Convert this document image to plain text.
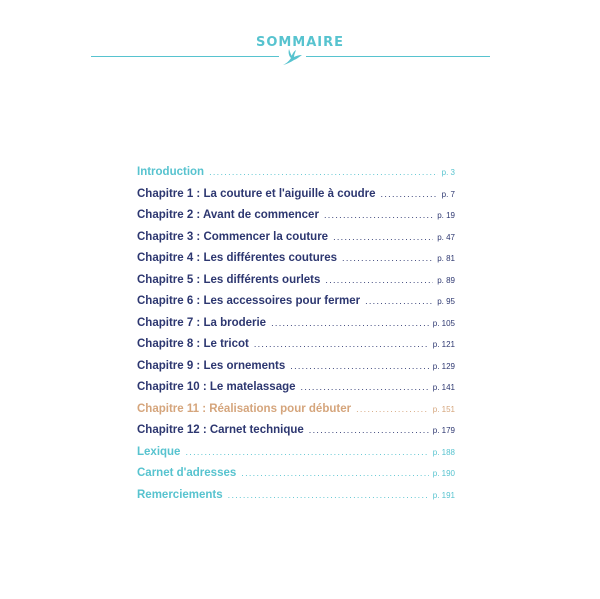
SOMMAIRE
Introduction .....	p. 3
Chapitre 1 : La couture et l'aiguille à coudre .....	p. 7
Chapitre 2 : Avant de commencer .....	p. 19
Chapitre 3 : Commencer la couture .....	p. 47
Chapitre 4 : Les différentes coutures .....	p. 81
Chapitre 5 : Les différents ourlets .....	p. 89
Chapitre 6 : Les accessoires pour fermer .....	p. 95
Chapitre 7 : La broderie .....	p. 105
Chapitre 8 : Le tricot .....	p. 121
Chapitre 9 : Les ornements .....	p. 129
Chapitre 10 : Le matelassage .....	p. 141
Chapitre 11 : Réalisations pour débuter .....	p. 151
Chapitre 12 : Carnet technique .....	p. 179
Lexique .....	p. 188
Carnet d'adresses .....	p. 190
Remerciements .....	p. 191
